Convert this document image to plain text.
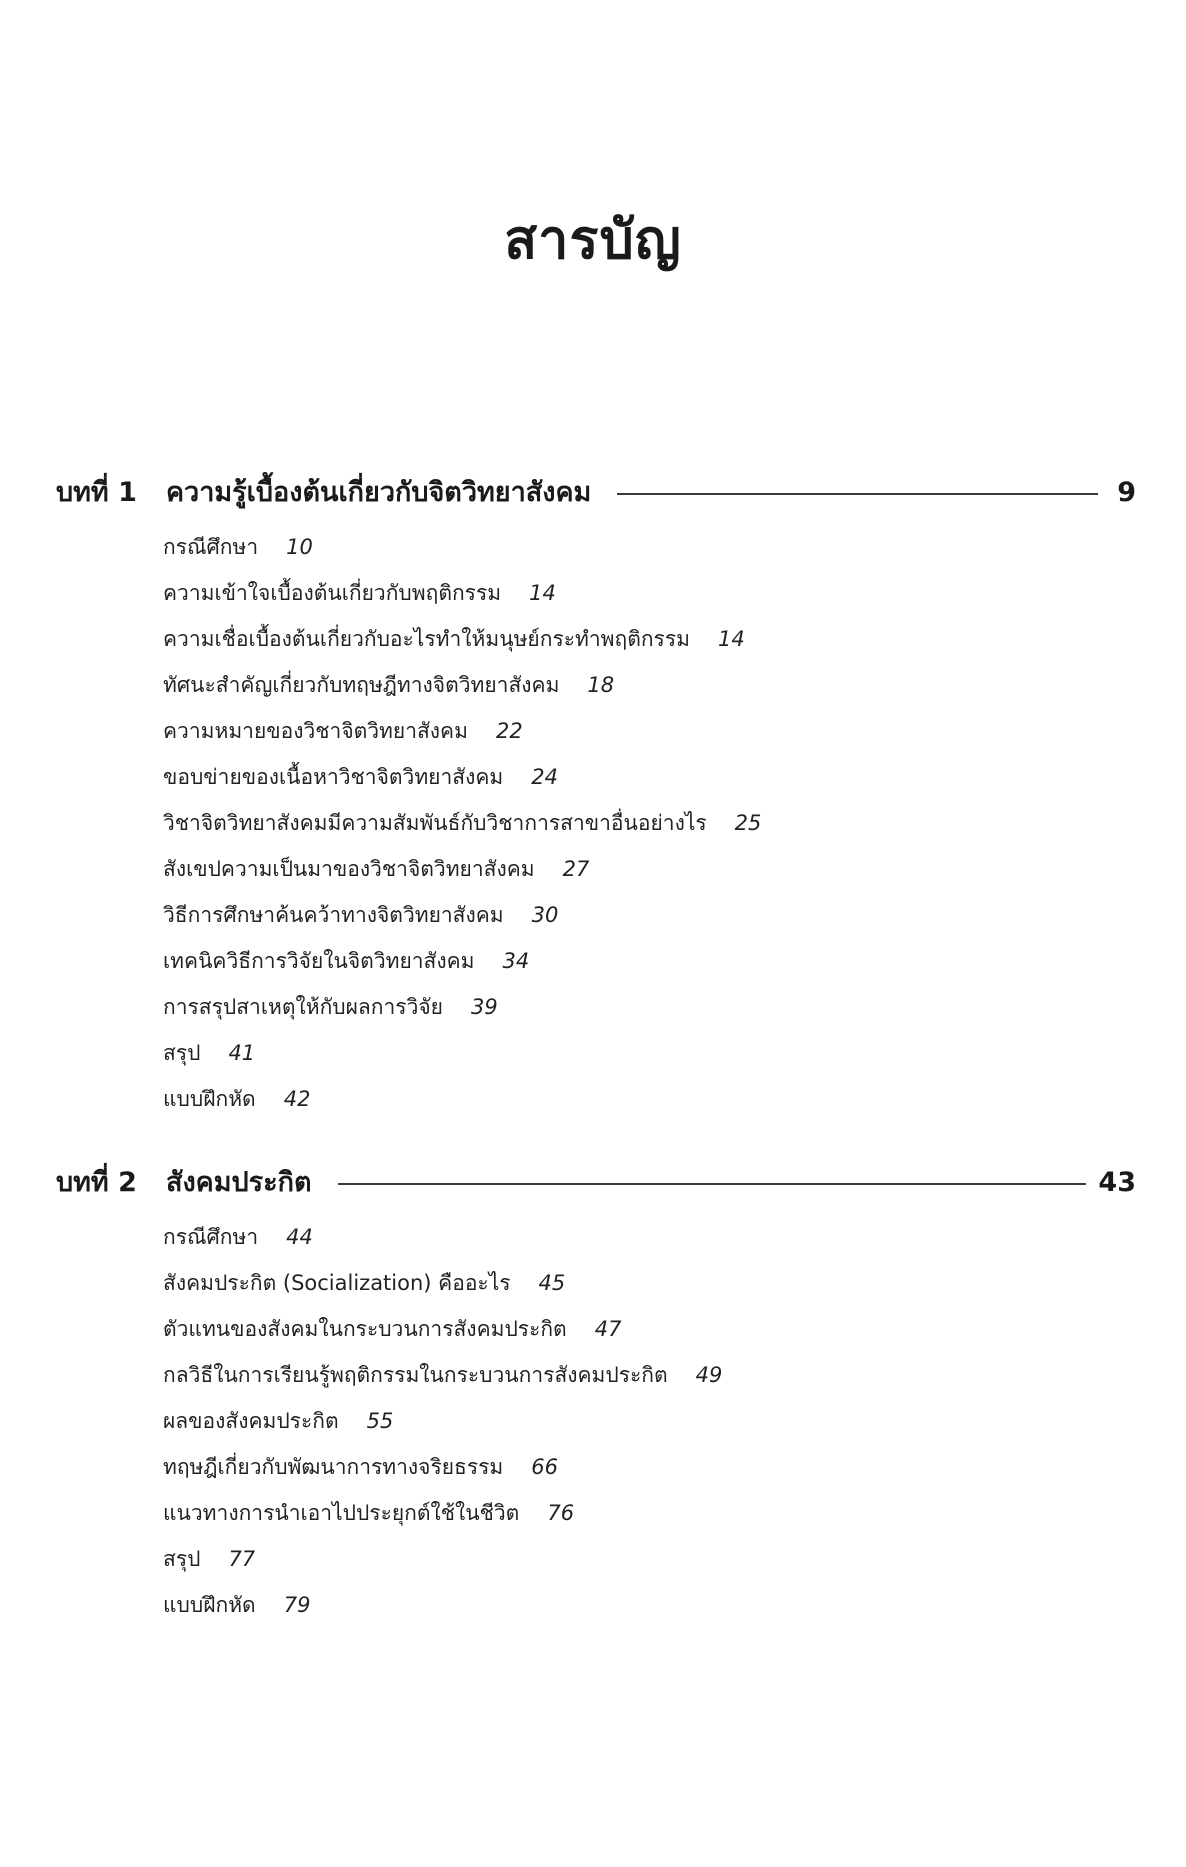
สารบัญ
บทที่ 1	ความรู้เบื้องต้นเกี่ยวกับจิตวิทยาสังคม	9
กรณีศึกษา 10
ความเข้าใจเบื้องต้นเกี่ยวกับพฤติกรรม 14
ความเชื่อเบื้องต้นเกี่ยวกับอะไรทำให้มนุษย์กระทำพฤติกรรม 14
ทัศนะสำคัญเกี่ยวกับทฤษฎีทางจิตวิทยาสังคม 18
ความหมายของวิชาจิตวิทยาสังคม 22
ขอบข่ายของเนื้อหาวิชาจิตวิทยาสังคม 24
วิชาจิตวิทยาสังคมมีความสัมพันธ์กับวิชาการสาขาอื่นอย่างไร 25
สังเขปความเป็นมาของวิชาจิตวิทยาสังคม 27
วิธีการศึกษาค้นคว้าทางจิตวิทยาสังคม 30
เทคนิควิธีการวิจัยในจิตวิทยาสังคม 34
การสรุปสาเหตุให้กับผลการวิจัย 39
สรุป 41
แบบฝึกหัด 42
บทที่ 2	สังคมประกิต	43
กรณีศึกษา 44
สังคมประกิต (Socialization) คืออะไร 45
ตัวแทนของสังคมในกระบวนการสังคมประกิต 47
กลวิธีในการเรียนรู้พฤติกรรมในกระบวนการสังคมประกิต 49
ผลของสังคมประกิต 55
ทฤษฎีเกี่ยวกับพัฒนาการทางจริยธรรม 66
แนวทางการนำเอาไปประยุกต์ใช้ในชีวิต 76
สรุป 77
แบบฝึกหัด 79
